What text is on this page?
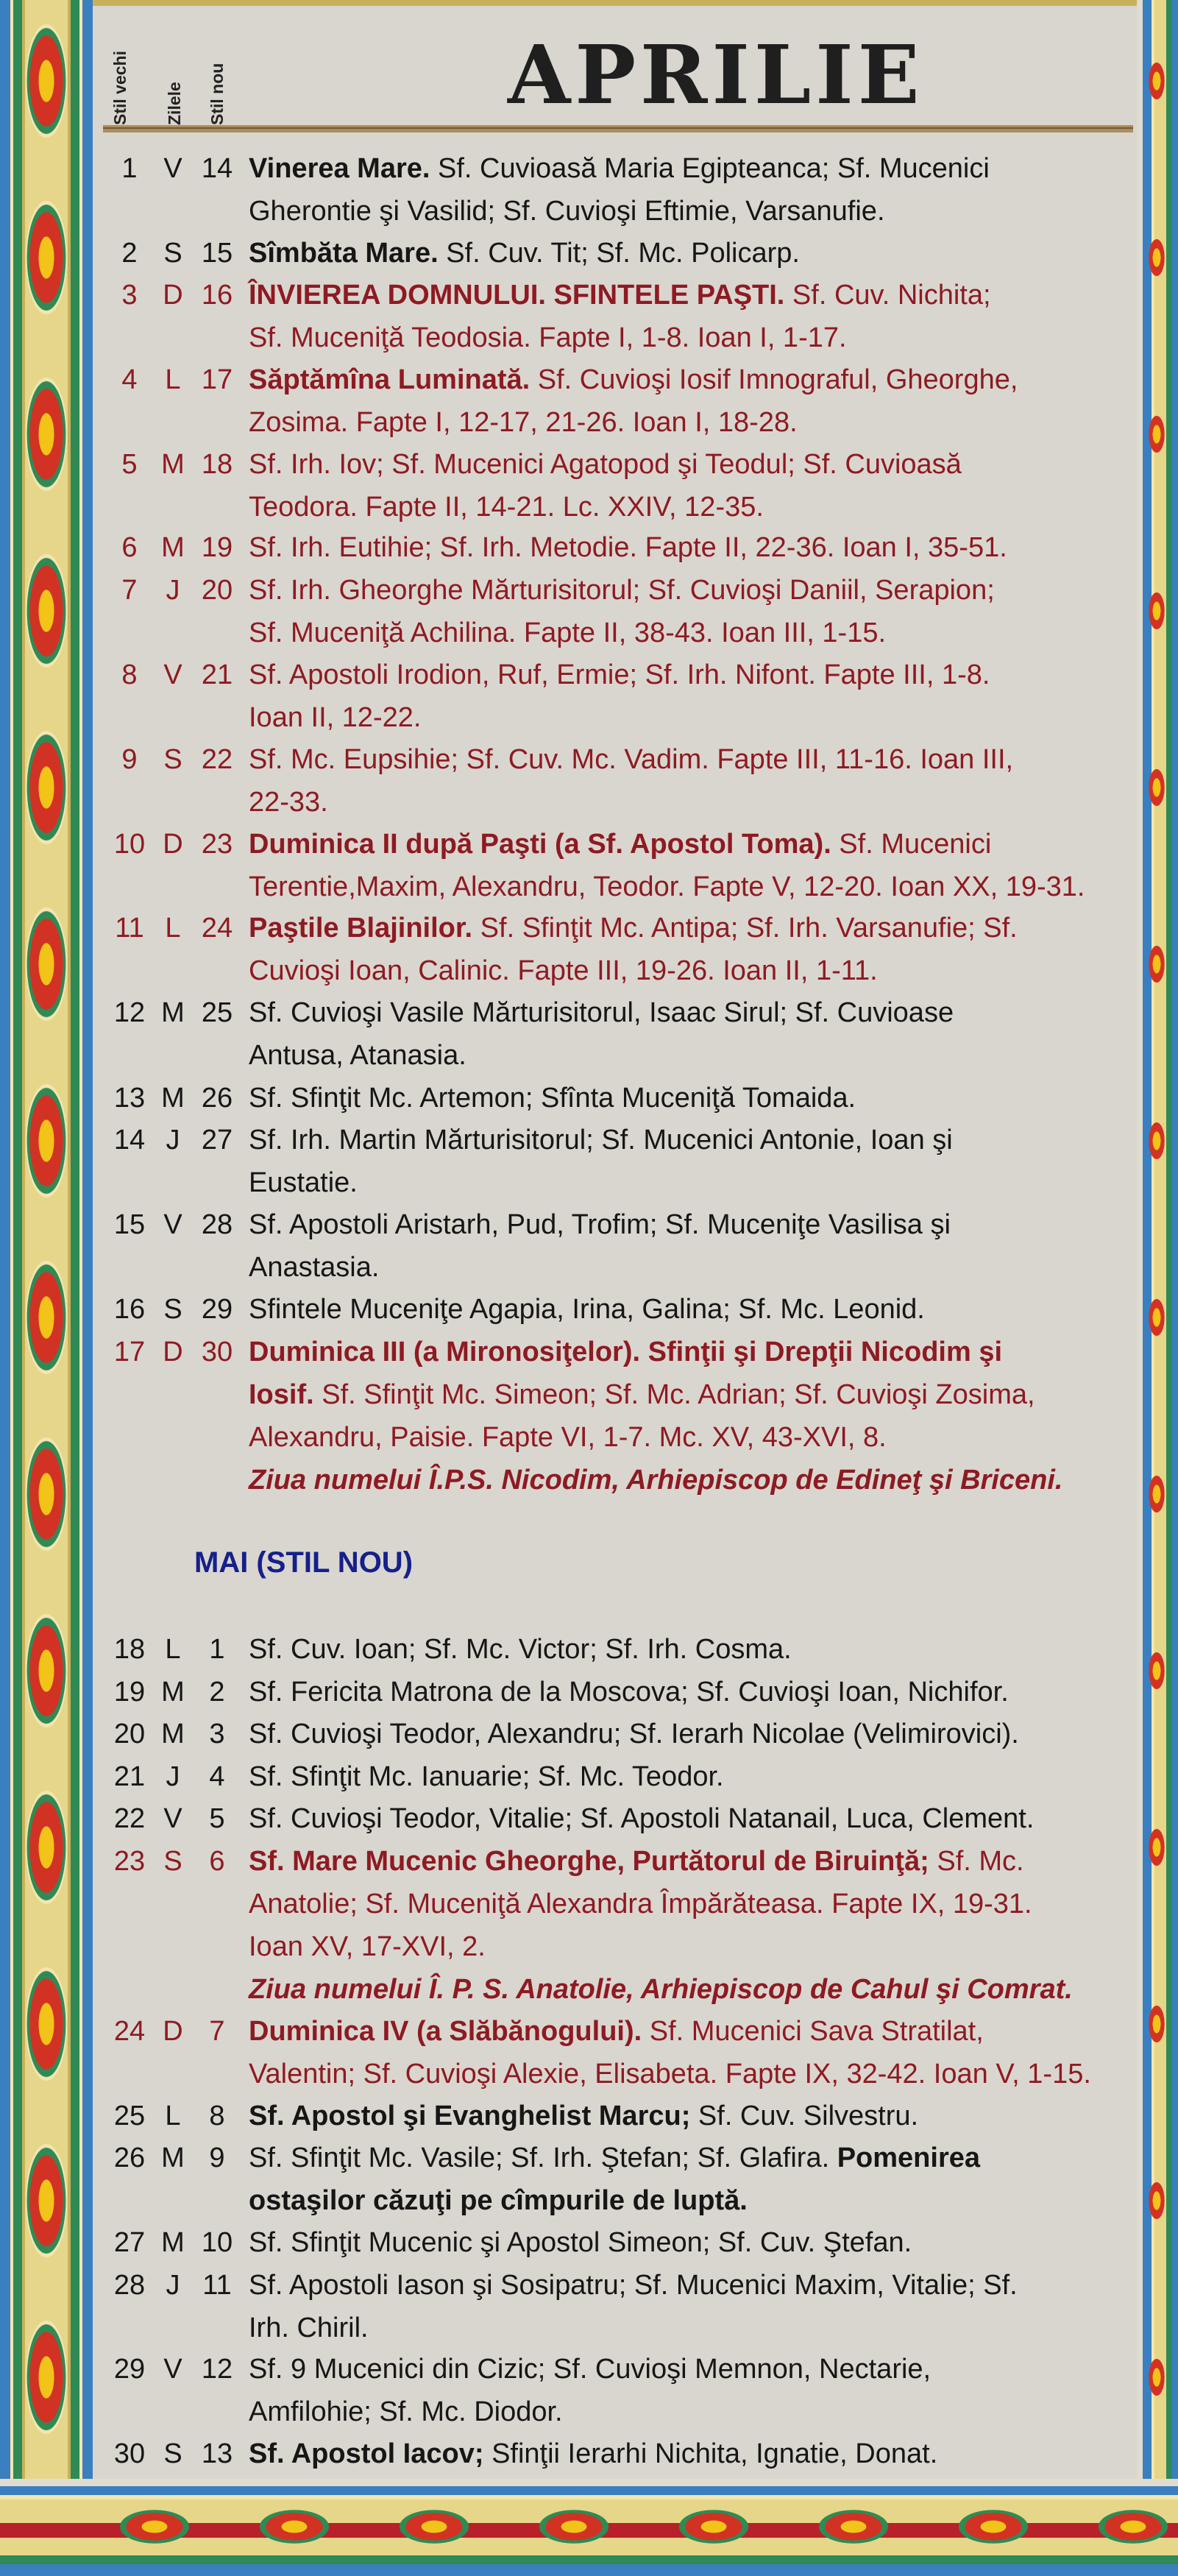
Stil vechi Zilele Stil nou	APRILIE
MAI (STIL NOU)
1 V 14 Vinerea Mare. Sf. Cuvioasă Maria Egipteanca; Sf. Mucenici
Gherontie şi Vasilid; Sf. Cuvioşi Eftimie, Varsanufie.
2 S 15 Sîmbăta Mare. Sf. Cuv. Tit; Sf. Mc. Policarp.
3 D 16 ÎNVIEREA DOMNULUI. SFINTELE PAŞTI. Sf. Cuv. Nichita;
Sf. Muceniţă Teodosia. Fapte I, 1-8. Ioan I, 1-17.
4 L 17 Săptămîna Luminată. Sf. Cuvioşi Iosif Imnograful, Gheorghe,
Zosima. Fapte I, 12-17, 21-26. Ioan I, 18-28.
5 M 18 Sf. Irh. Iov; Sf. Mucenici Agatopod şi Teodul; Sf. Cuvioasă
Teodora. Fapte II, 14-21. Lc. XXIV, 12-35.
6 M 19 Sf. Irh. Eutihie; Sf. Irh. Metodie. Fapte II, 22-36. Ioan I, 35-51.
7	J 20 Sf. Irh. Gheorghe Mărturisitorul; Sf. Cuvioşi Daniil, Serapion;
Sf. Muceniţă Achilina. Fapte II, 38-43. Ioan III, 1-15.
8 V 21 Sf. Apostoli Irodion, Ruf, Ermie; Sf. Irh. Nifont. Fapte III, 1-8.
Ioan II, 12-22.
9 S 22 Sf. Mc. Eupsihie; Sf. Cuv. Mc. Vadim. Fapte III, 11-16. Ioan III,
22-33.
10 D 23 Duminica II după Paşti (a Sf. Apostol Toma). Sf. Mucenici
Terentie,Maxim, Alexandru, Teodor. Fapte V, 12-20. Ioan XX, 19-31.
11 L 24 Paştile Blajinilor. Sf. Sfinţit Mc. Antipa; Sf. Irh. Varsanufie; Sf.
Cuvioşi Ioan, Calinic. Fapte III, 19-26. Ioan II, 1-11.
12 M 25 Sf. Cuvioşi Vasile Mărturisitorul, Isaac Sirul; Sf. Cuvioase
Antusa, Atanasia.
13 M 26 Sf. Sfinţit Mc. Artemon; Sfînta Muceniţă Tomaida.
14 J 27 Sf. Irh. Martin Mărturisitorul; Sf. Mucenici Antonie, Ioan şi
Eustatie.
15 V 28 Sf. Apostoli Aristarh, Pud, Trofim; Sf. Muceniţe Vasilisa şi
Anastasia.
16 S 29 Sfintele Muceniţe Agapia, Irina, Galina; Sf. Mc. Leonid.
17 D 30 Duminica III (a Mironosiţelor). Sfinţii şi Drepţii Nicodim şi
Iosif. Sf. Sfinţit Mc. Simeon; Sf. Mc. Adrian; Sf. Cuvioşi Zosima,
Alexandru, Paisie. Fapte VI, 1-7. Mc. XV, 43-XVI, 8.
Ziua numelui Î.P.S. Nicodim, Arhiepiscop de Edineţ şi Briceni.
18 L	1 Sf. Cuv. Ioan; Sf. Mc. Victor; Sf. Irh. Cosma.
19 M 2 Sf. Fericita Matrona de la Moscova; Sf. Cuvioşi Ioan, Nichifor.
20 M 3 Sf. Cuvioşi Teodor, Alexandru; Sf. Ierarh Nicolae (Velimirovici).
21 J	4 Sf. Sfinţit Mc. Ianuarie; Sf. Mc. Teodor.
22 V 5 Sf. Cuvioşi Teodor, Vitalie; Sf. Apostoli Natanail, Luca, Clement.
23 S 6 Sf. Mare Mucenic Gheorghe, Purtătorul de Biruinţă; Sf. Mc.
Anatolie; Sf. Muceniţă Alexandra Împărăteasa. Fapte IX, 19-31.
Ioan XV, 17-XVI, 2.
Ziua numelui Î. P. S. Anatolie, Arhiepiscop de Cahul şi Comrat.
24 D 7 Duminica IV (a Slăbănogului). Sf. Mucenici Sava Stratilat,
Valentin; Sf. Cuvioşi Alexie, Elisabeta. Fapte IX, 32-42. Ioan V, 1-15.
25 L	8 Sf. Apostol şi Evanghelist Marcu; Sf. Cuv. Silvestru.
26 M 9 Sf. Sfinţit Mc. Vasile; Sf. Irh. Ştefan; Sf. Glafira. Pomenirea
ostaşilor căzuţi pe cîmpurile de luptă.
27 M 10 Sf. Sfinţit Mucenic şi Apostol Simeon; Sf. Cuv. Ştefan.
28 J 11 Sf. Apostoli Iason şi Sosipatru; Sf. Mucenici Maxim, Vitalie; Sf.
Irh. Chiril.
29 V 12 Sf. 9 Mucenici din Cizic; Sf. Cuvioşi Memnon, Nectarie,
Amfilohie; Sf. Mc. Diodor.
30 S 13 Sf. Apostol Iacov; Sfinţii Ierarhi Nichita, Ignatie, Donat.
